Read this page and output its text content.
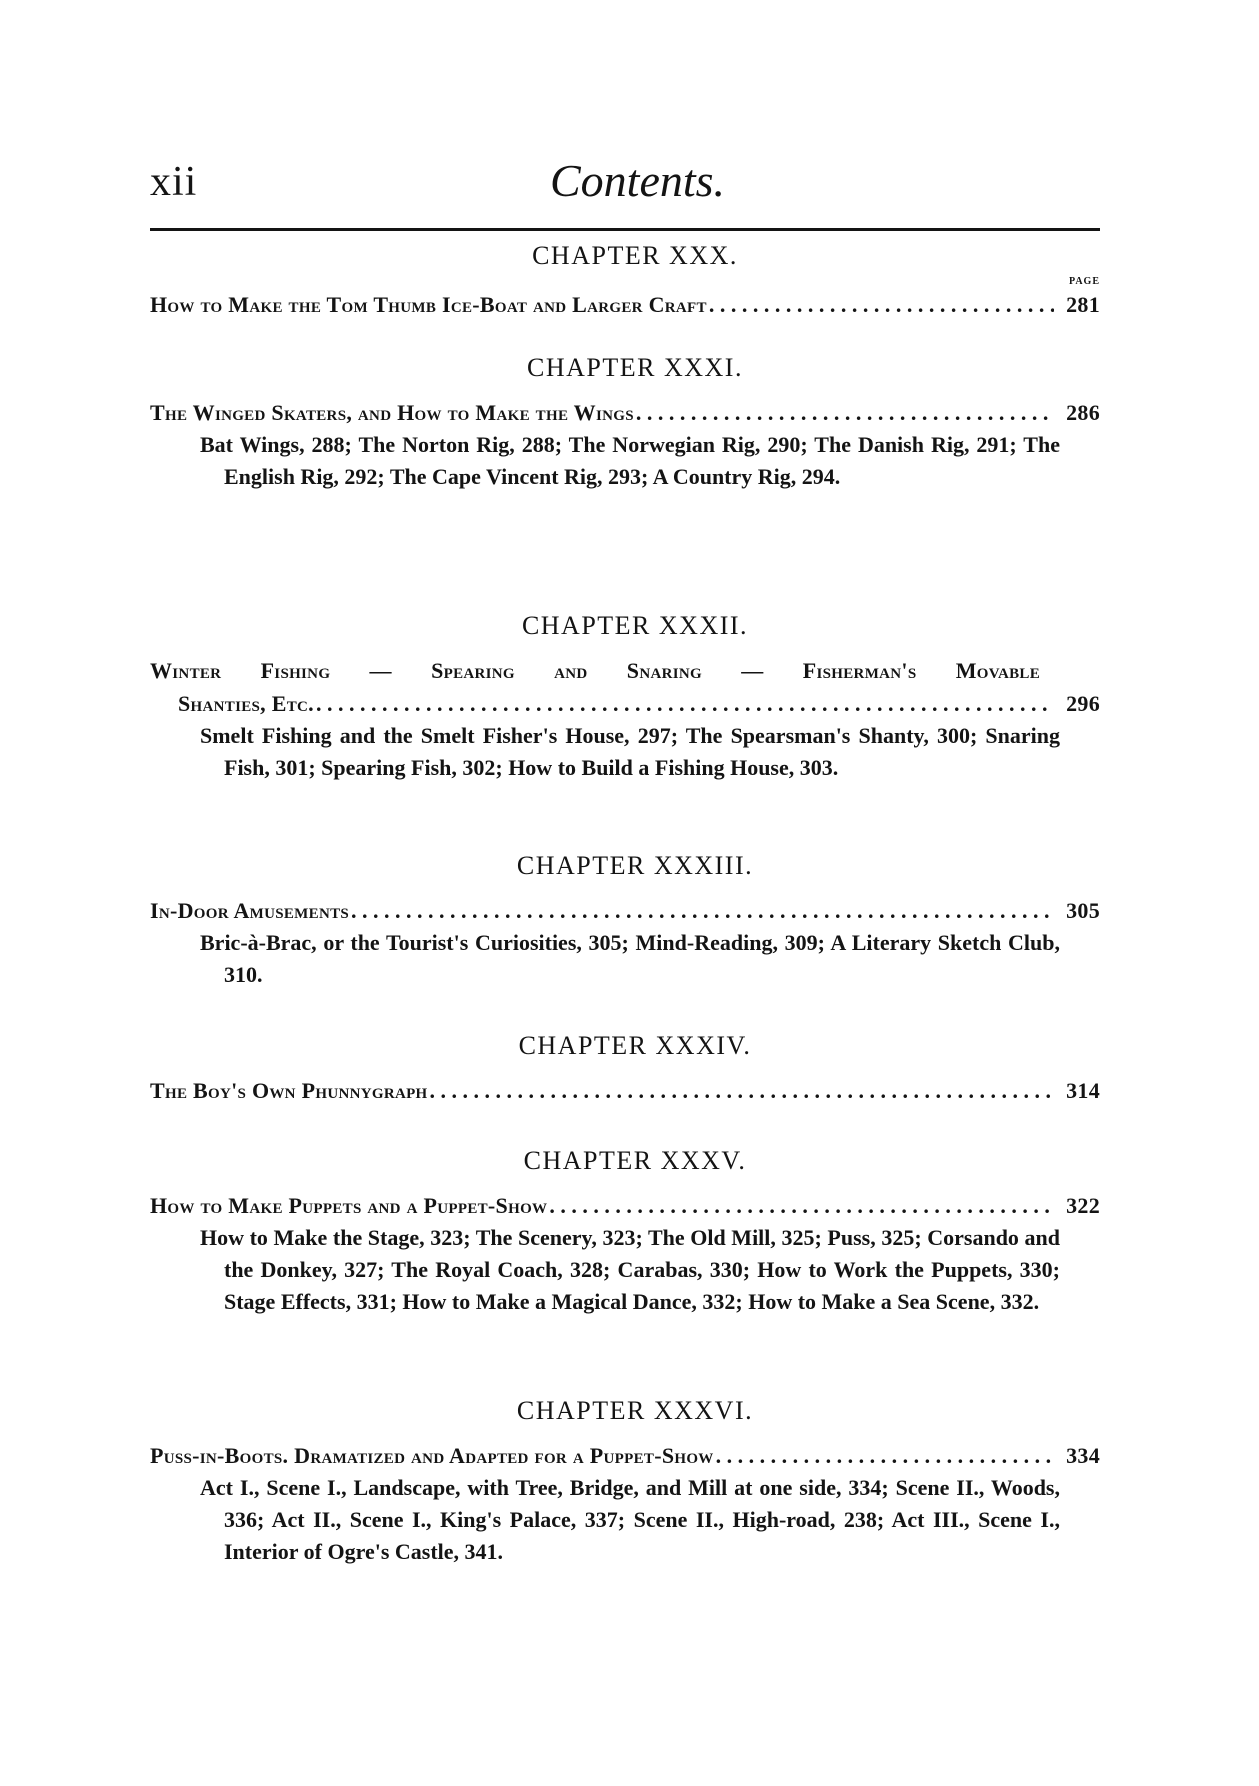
xii	Contents.
CHAPTER XXX.
PAGE
How to Make the Tom Thumb Ice-Boat and Larger Craft . . .	281
CHAPTER XXXI.
The Winged Skaters, and How to Make the Wings . . .	286
Bat Wings, 288; The Norton Rig, 288; The Norwegian Rig, 290; The Danish Rig, 291; The English Rig, 292; The Cape Vincent Rig, 293; A Country Rig, 294.
CHAPTER XXXII.
Winter Fishing — Spearing and Snaring — Fisherman's Movable
Shanties, Etc. . . .	296
Smelt Fishing and the Smelt Fisher's House, 297; The Spearsman's Shanty, 300; Snaring Fish, 301; Spearing Fish, 302; How to Build a Fishing House, 303.
CHAPTER XXXIII.
In-Door Amusements . . .	305
Bric-à-Brac, or the Tourist's Curiosities, 305; Mind-Reading, 309; A Literary Sketch Club, 310.
CHAPTER XXXIV.
The Boy's Own Phunnygraph . . .	314
CHAPTER XXXV.
How to Make Puppets and a Puppet-Show . . .	322
How to Make the Stage, 323; The Scenery, 323; The Old Mill, 325; Puss, 325; Corsando and the Donkey, 327; The Royal Coach, 328; Carabas, 330; How to Work the Puppets, 330; Stage Effects, 331; How to Make a Magical Dance, 332; How to Make a Sea Scene, 332.
CHAPTER XXXVI.
Puss-in-Boots. Dramatized and Adapted for a Puppet-Show . . .	334
Act I., Scene I., Landscape, with Tree, Bridge, and Mill at one side, 334; Scene II., Woods, 336; Act II., Scene I., King's Palace, 337; Scene II., High-road, 238; Act III., Scene I., Interior of Ogre's Castle, 341.
